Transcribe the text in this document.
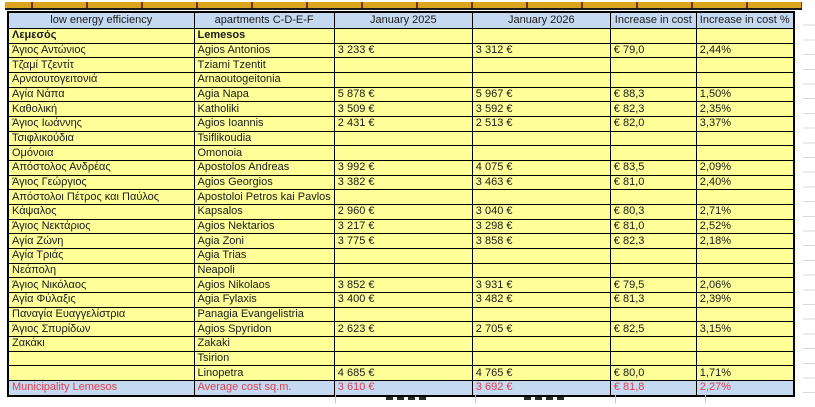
low energy efficiency	apartments C-D-E-F	January 2025	January 2026	Increase in cost	Increase in cost %
Λεμεσός	Lemesos				
Άγιος Αντώνιος	Agios Antonios	3 233 €	3 312 €	€ 79,0	2,44%
Τζαμί Τζεντίτ	Tziami Tzentit				
Αρναουτογειτονιά	Arnaoutogeitonia				
Αγία Νάπα	Agia Napa	5 878 €	5 967 €	€ 88,3	1,50%
Καθολική	Katholiki	3 509 €	3 592 €	€ 82,3	2,35%
Άγιος Ιωάννης	Agios Ioannis	2 431 €	2 513 €	€ 82,0	3,37%
Τσιφλικούδια	Tsiflikoudia				
Ομόνοια	Omonoia				
Απόστολος Ανδρέας	Apostolos Andreas	3 992 €	4 075 €	€ 83,5	2,09%
Άγιος Γεώργιος	Agios Georgios	3 382 €	3 463 €	€ 81,0	2,40%
Απόστολοι Πέτρος και Παύλος	Apostoloi Petros kai Pavlos				
Κάψαλος	Kapsalos	2 960 €	3 040 €	€ 80,3	2,71%
Άγιος Νεκτάριος	Agios Nektarios	3 217 €	3 298 €	€ 81,0	2,52%
Αγία Ζώνη	Agia Zoni	3 775 €	3 858 €	€ 82,3	2,18%
Αγία Τριάς	Agia Trias				
Νεάπολη	Neapoli				
Άγιος Νικόλαος	Agios Nikolaos	3 852 €	3 931 €	€ 79,5	2,06%
Αγία Φύλαξις	Agia Fylaxis	3 400 €	3 482 €	€ 81,3	2,39%
Παναγία Ευαγγελίστρια	Panagia Evangelistria				
Άγιος Σπυρίδων	Agios Spyridon	2 623 €	2 705 €	€ 82,5	3,15%
Ζακάκι	Zakaki				
	Tsirion				
	Linopetra	4 685 €	4 765 €	€ 80,0	1,71%
Municipality Lemesos	Average cost sq.m.	3 610 €	3 692 €	€ 81,8	2,27%
